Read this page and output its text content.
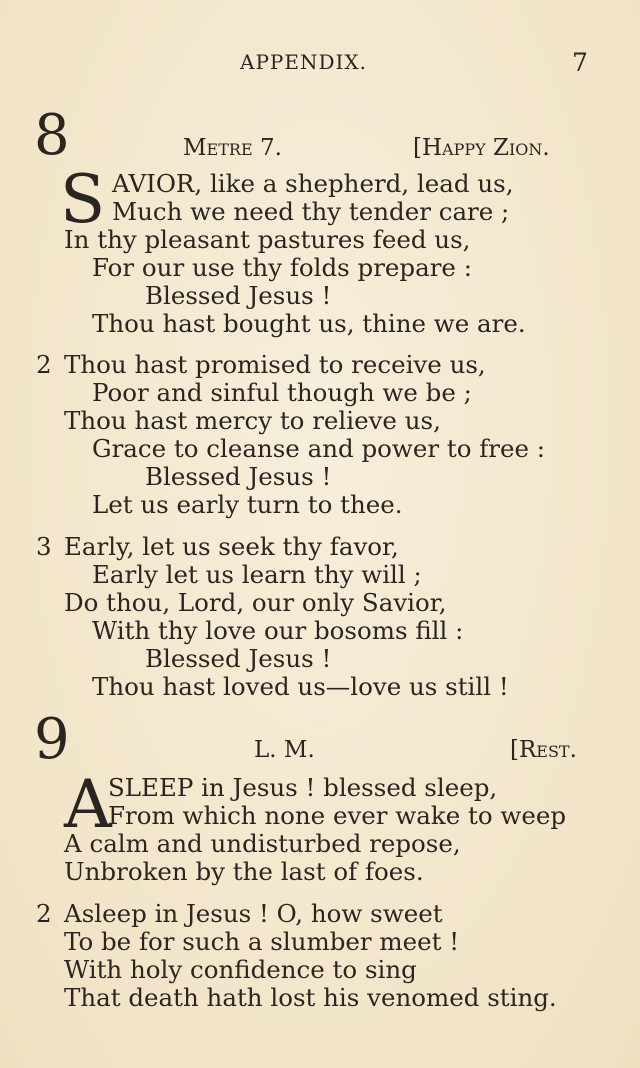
APPENDIX.	7
8	Metre 7.	[Happy Zion.
S AVIOR, like a shepherd, lead us,
Much we need thy tender care ;
In thy pleasant pastures feed us,
For our use thy folds prepare :
Blessed Jesus !
Thou hast bought us, thine we are.
2 Thou hast promised to receive us,
Poor and sinful though we be ;
Thou hast mercy to relieve us,
Grace to cleanse and power to free :
Blessed Jesus !
Let us early turn to thee.
3 Early, let us seek thy favor,
Early let us learn thy will ;
Do thou, Lord, our only Savior,
With thy love our bosoms fill :
Blessed Jesus !
Thou hast loved us—love us still !
9	L. M.	[Rest.
A
SLEEP in Jesus ! blessed sleep,
From which none ever wake to weep
A calm and undisturbed repose,
Unbroken by the last of foes.
2 Asleep in Jesus ! O, how sweet
To be for such a slumber meet !
With holy confidence to sing
That death hath lost his venomed sting.
